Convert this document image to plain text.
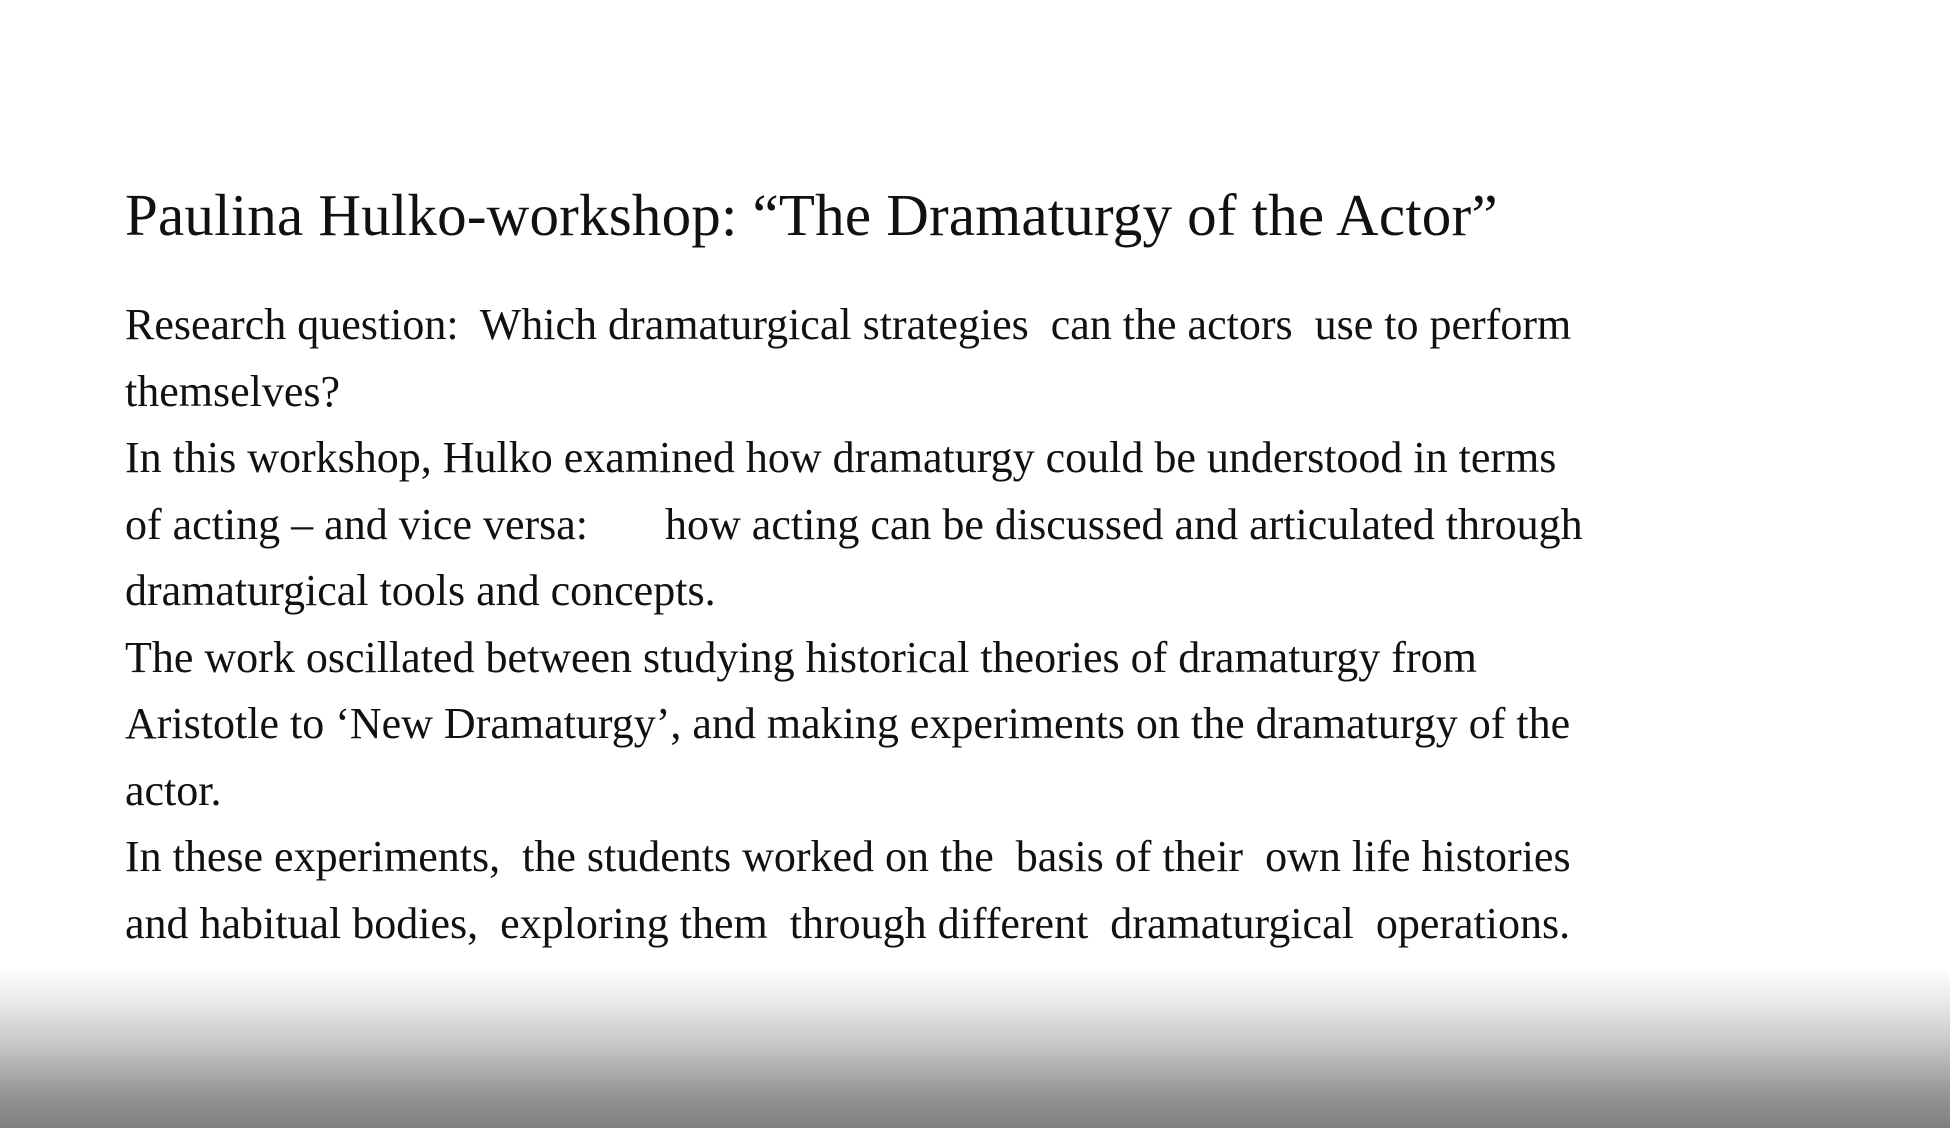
Paulina Hulko-workshop: “The Dramaturgy of the Actor”
Research question:  Which dramaturgical strategies  can the actors  use to perform
themselves?
In this workshop, Hulko examined how dramaturgy could be understood in terms
of acting – and vice versa:       how acting can be discussed and articulated through
dramaturgical tools and concepts.
The work oscillated between studying historical theories of dramaturgy from
Aristotle to ‘New Dramaturgy’, and making experiments on the dramaturgy of the
actor.
In these experiments,  the students worked on the  basis of their  own life histories
and habitual bodies,  exploring them  through different  dramaturgical  operations.
